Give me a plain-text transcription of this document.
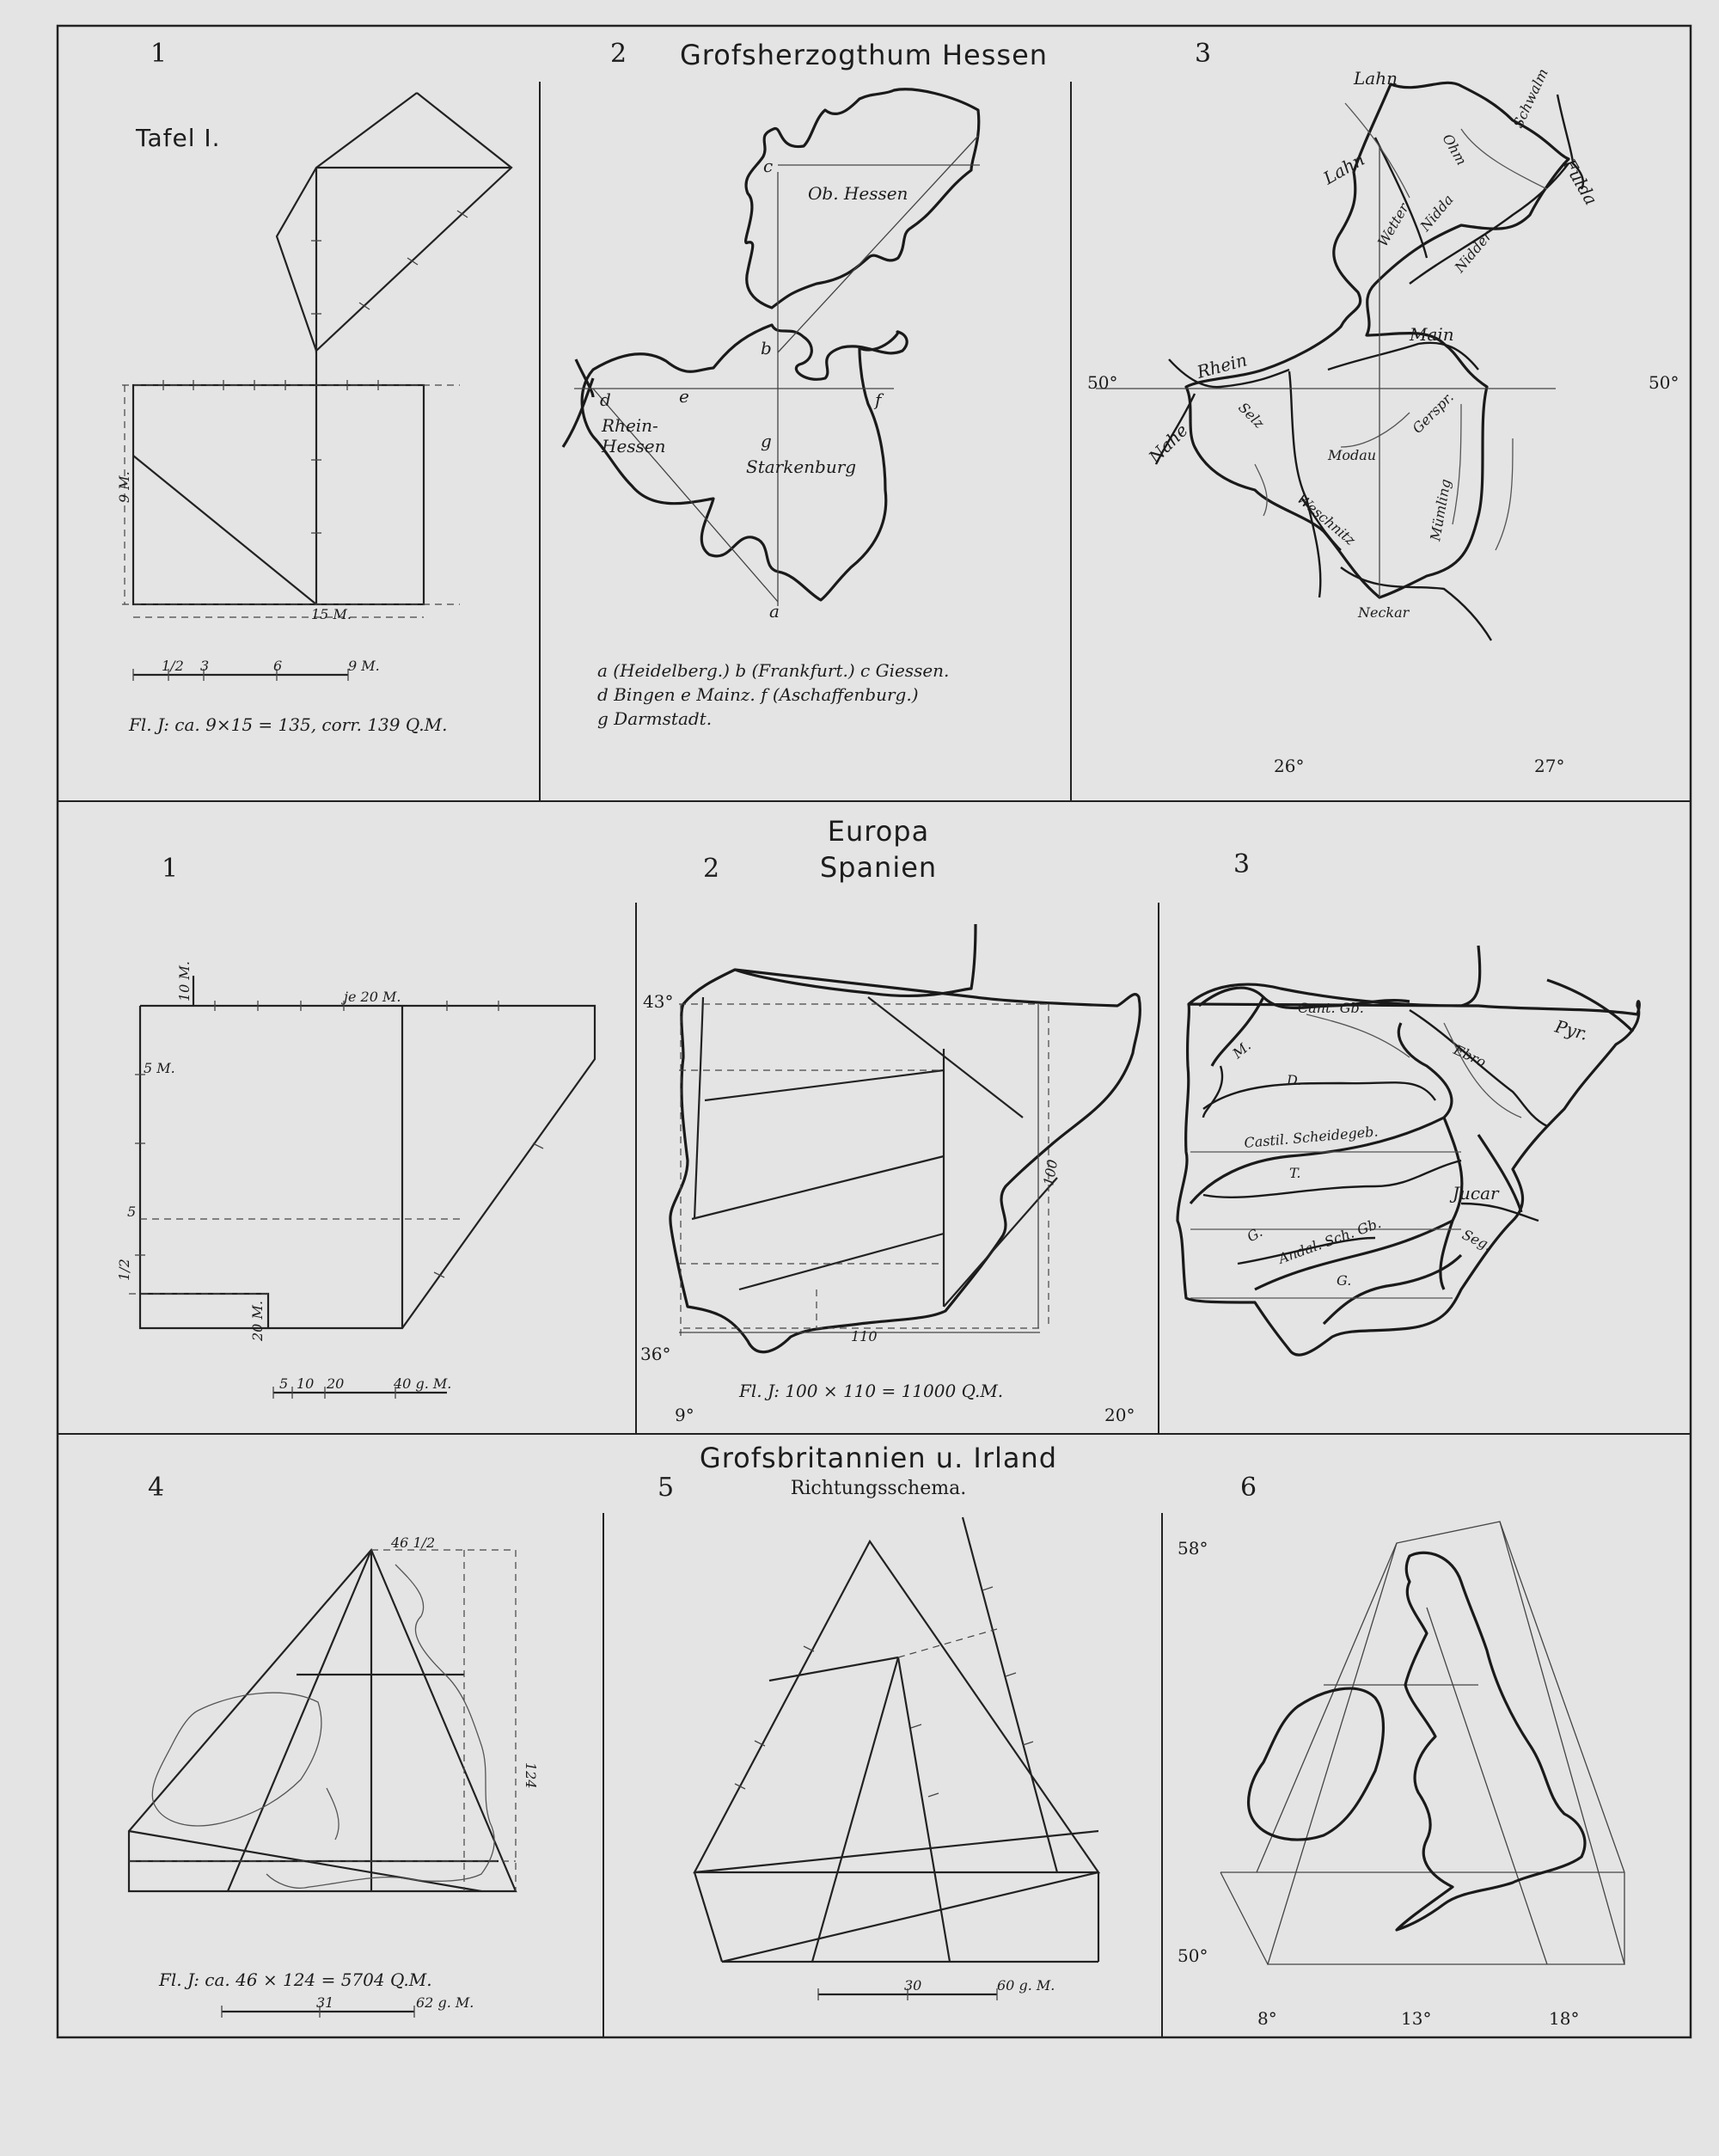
Grofsherzogthum Hessen
Tafel I.
Europa
Spanien
Grofsbritannien u. Irland
Richtungsschema.
1	2	3
1	2	3
4	5	6
9 M.
15 M.
1/2 3	6	9 M.
Fl. J: ca. 9×15 = 135, corr. 139 Q.M.
Ob. Hessen
Rhein-
Hessen
Starkenburg
a
b
c
d	e	f
g
a (Heidelberg.) b (Frankfurt.) c Giessen.
d Bingen e Mainz. f (Aschaffenburg.)
g Darmstadt.
Lahn
Lahn	Ohm
Schwalm
Fulda
Wetter Nidda
Nidder
Main
Rhein
Nahe
Selz
Modau
Gerspr.
Mümling
Weschnitz
Neckar
50°	50°
26°	27°
je 20 M.
10 M.
5 M.
5
1/2
20 M.
5 10 20	40 g. M.
43°
36°
9°	20°
100
110
Fl. J: 100 × 110 = 11000 Q.M.
Cant. Gb.
Pyr.
Ebro
M.
D.
Castil. Scheidegeb.
T.
Jucar
G. Andal. Sch. Gb.	Seg.
G.
46 1/2
124
Fl. J: ca. 46 × 124 = 5704 Q.M.
31	62 g. M.
30	60 g. M.
58°
50°
8°	13°	18°
